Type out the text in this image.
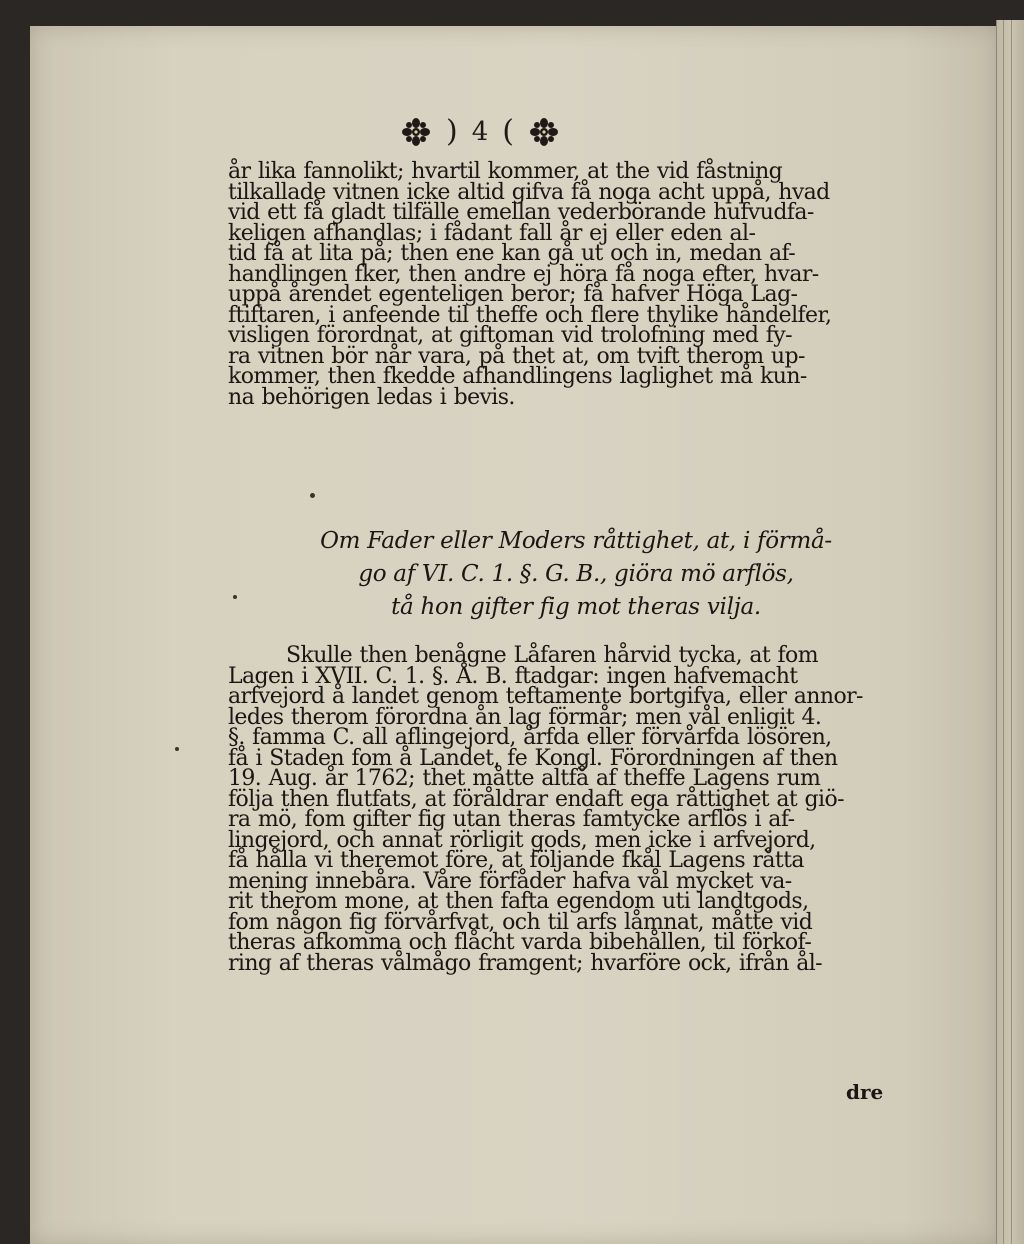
) 4 (
år lika fannolikt; hvartil kommer, at the vid fåstning
tilkallade vitnen icke altid gifva få noga acht uppå, hvad
vid ett få gladt tilfälle emellan vederbörande hufvudfa-
keligen afhandlas; i fådant fall år ej eller eden al-
tid få at lita på; then ene kan gå ut och in, medan af-
handlingen fker, then andre ej höra få noga efter, hvar-
uppå årendet egenteligen beror; få hafver Höga Lag-
ftiftaren, i anfeende til theffe och flere thylike håndelfer,
visligen förordnat, at giftoman vid trolofning med fy-
ra vitnen bör når vara, på thet at, om tvift therom up-
kommer, then fkedde afhandlingens laglighet må kun-
na behörigen ledas i bevis.
Om Fader eller Moders råttighet, at, i förmå-
go af VI. C. 1. §. G. B., giöra mö arflös,
tå hon gifter fig mot theras vilja.
Skulle then benågne Låfaren hårvid tycka, at fom
Lagen i XVII. C. 1. §. Å. B. ftadgar: ingen hafvemacht
arfvejord å landet genom teftamente bortgifva, eller annor-
ledes therom förordna ån lag förmår; men vål enligit 4.
§. famma C. all aflingejord, årfda eller förvårfda lösören,
få i Staden fom å Landet, fe Kongl. Förordningen af then
19. Aug. år 1762; thet måtte altfå af theffe Lagens rum
följa then flutfats, at föråldrar endaft ega råttighet at giö-
ra mö, fom gifter fig utan theras famtycke arflös i af-
lingejord, och annat rörligit gods, men icke i arfvejord,
få hålla vi theremot före, at följande fkål Lagens råtta
mening innebåra. Våre förfåder hafva vål mycket va-
rit therom mone, at then fafta egendom uti landtgods,
fom någon fig förvårfvat, och til arfs låmnat, måtte vid
theras afkomma och flåcht varda bibehållen, til förkof-
ring af theras vålmågo framgent; hvarföre ock, ifrån ål-
dre
